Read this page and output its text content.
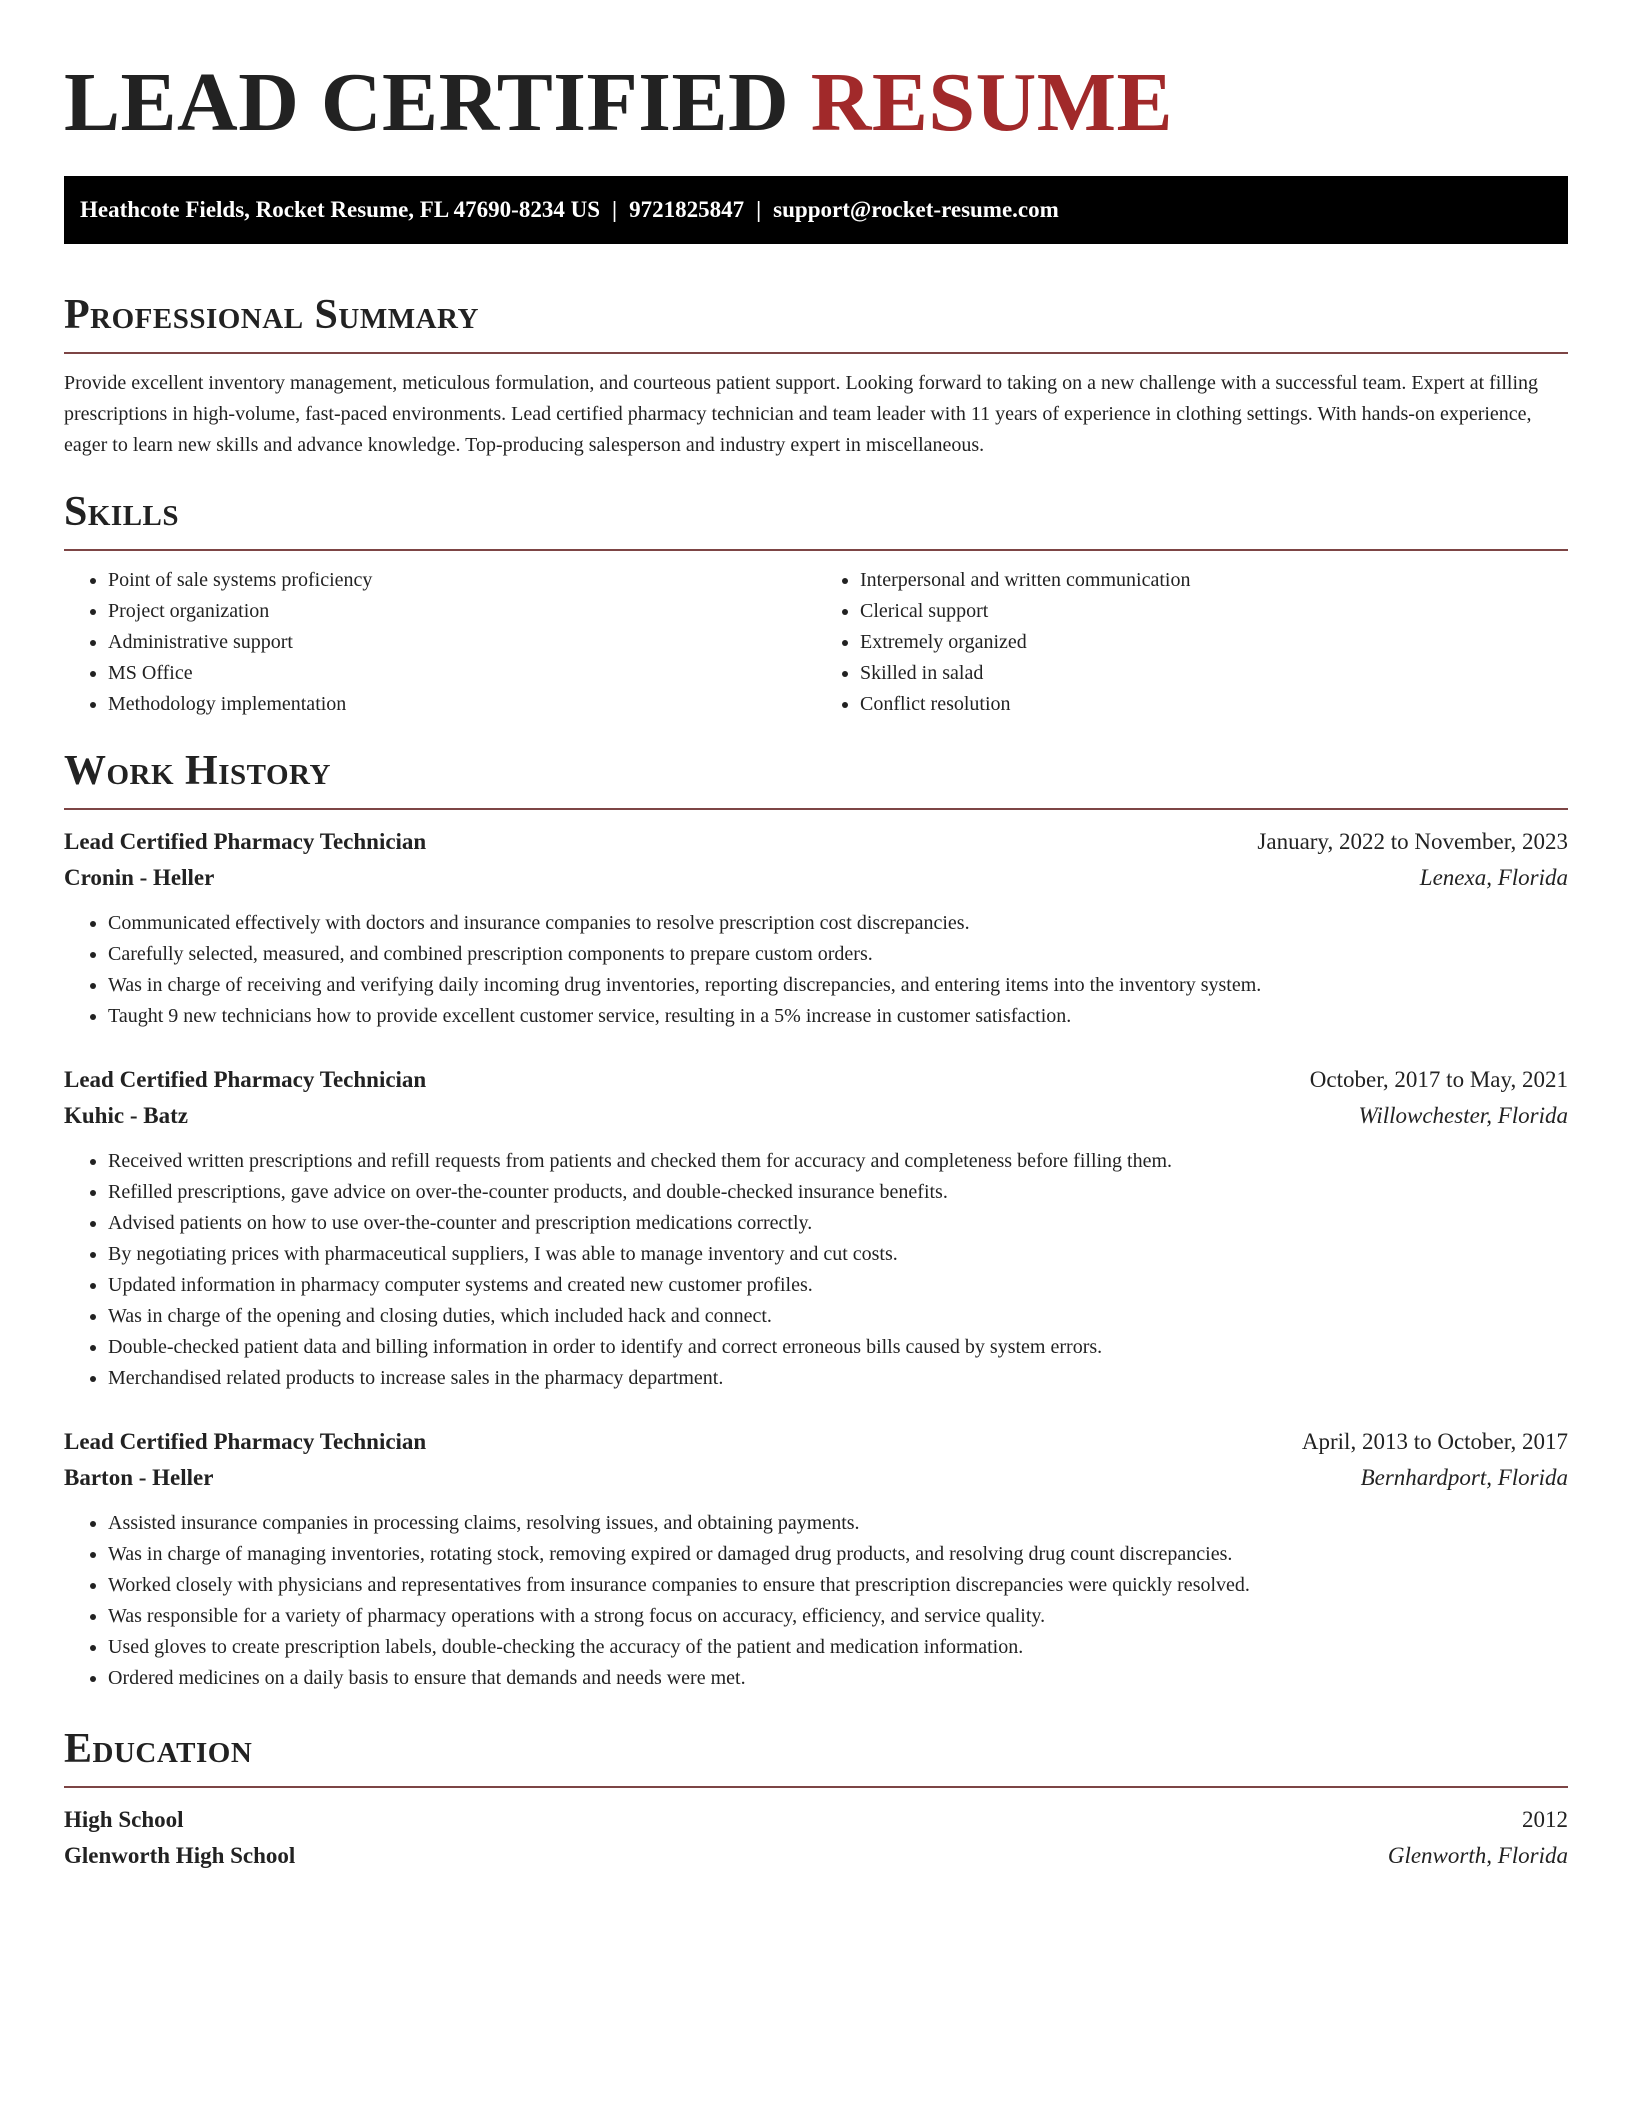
LEAD CERTIFIED RESUME
Heathcote Fields, Rocket Resume, FL 47690-8234 US | 9721825847 | support@rocket-resume.com
Professional Summary

Provide excellent inventory management, meticulous formulation, and courteous patient support. Looking forward to taking on a new challenge with a successful team. Expert at filling prescriptions in high-volume, fast-paced environments. Lead certified pharmacy technician and team leader with 11 years of experience in clothing settings. With hands-on experience, eager to learn new skills and advance knowledge. Top-producing salesperson and industry expert in miscellaneous.

Skills
• Point of sale systems proficiency
• Project organization
• Administrative support
• MS Office
• Methodology implementation
• Interpersonal and written communication
• Clerical support
• Extremely organized
• Skilled in salad
• Conflict resolution
Work History
Lead Certified Pharmacy Technician	January, 2022 to November, 2023
Cronin - Heller	Lenexa, Florida
• Communicated effectively with doctors and insurance companies to resolve prescription cost discrepancies.
• Carefully selected, measured, and combined prescription components to prepare custom orders.
• Was in charge of receiving and verifying daily incoming drug inventories, reporting discrepancies, and entering items into the inventory system.
• Taught 9 new technicians how to provide excellent customer service, resulting in a 5% increase in customer satisfaction.
Lead Certified Pharmacy Technician	October, 2017 to May, 2021
Kuhic - Batz	Willowchester, Florida
• Received written prescriptions and refill requests from patients and checked them for accuracy and completeness before filling them.
• Refilled prescriptions, gave advice on over-the-counter products, and double-checked insurance benefits.
• Advised patients on how to use over-the-counter and prescription medications correctly.
• By negotiating prices with pharmaceutical suppliers, I was able to manage inventory and cut costs.
• Updated information in pharmacy computer systems and created new customer profiles.
• Was in charge of the opening and closing duties, which included hack and connect.
• Double-checked patient data and billing information in order to identify and correct erroneous bills caused by system errors.
• Merchandised related products to increase sales in the pharmacy department.
Lead Certified Pharmacy Technician	April, 2013 to October, 2017
Barton - Heller	Bernhardport, Florida
• Assisted insurance companies in processing claims, resolving issues, and obtaining payments.
• Was in charge of managing inventories, rotating stock, removing expired or damaged drug products, and resolving drug count discrepancies.
• Worked closely with physicians and representatives from insurance companies to ensure that prescription discrepancies were quickly resolved.
• Was responsible for a variety of pharmacy operations with a strong focus on accuracy, efficiency, and service quality.
• Used gloves to create prescription labels, double-checking the accuracy of the patient and medication information.
• Ordered medicines on a daily basis to ensure that demands and needs were met.
Education
High School	2012
Glenworth High School	Glenworth, Florida
